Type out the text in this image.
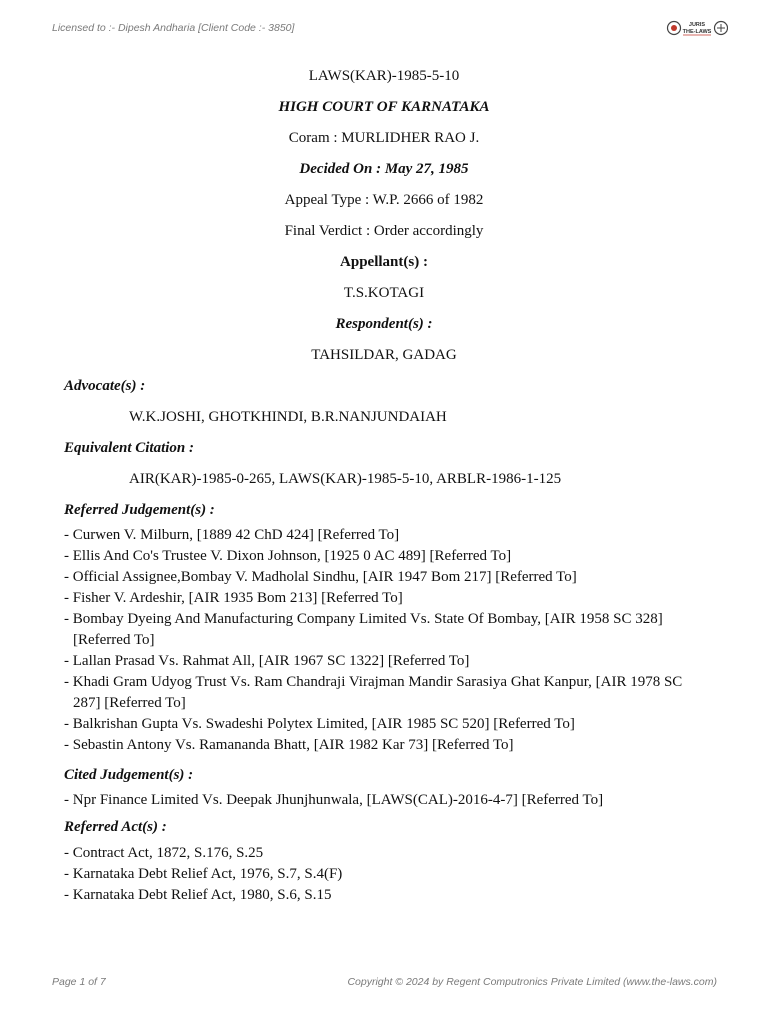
Licensed to :- Dipesh Andharia [Client Code :- 3850]	JURIS
THE-LAWS
LAWS(KAR)-1985-5-10
HIGH COURT OF KARNATAKA
Coram : MURLIDHER RAO J.
Decided On : May 27, 1985
Appeal Type : W.P. 2666 of 1982
Final Verdict : Order accordingly
Appellant(s) :
T.S.KOTAGI
Respondent(s) :
TAHSILDAR, GADAG
Advocate(s) :
W.K.JOSHI, GHOTKHINDI, B.R.NANJUNDAIAH
Equivalent Citation :
AIR(KAR)-1985-0-265, LAWS(KAR)-1985-5-10, ARBLR-1986-1-125
Referred Judgement(s) :
- Curwen V. Milburn, [1889 42 ChD 424] [Referred To]
- Ellis And Co's Trustee V. Dixon Johnson, [1925 0 AC 489] [Referred To]
- Official Assignee,Bombay V. Madholal Sindhu, [AIR 1947 Bom 217] [Referred To]
- Fisher V. Ardeshir, [AIR 1935 Bom 213] [Referred To]
- Bombay Dyeing And Manufacturing Company Limited Vs. State Of Bombay, [AIR 1958 SC 328] [Referred To]
- Lallan Prasad Vs. Rahmat All, [AIR 1967 SC 1322] [Referred To]
- Khadi Gram Udyog Trust Vs. Ram Chandraji Virajman Mandir Sarasiya Ghat Kanpur, [AIR 1978 SC 287] [Referred To]
- Balkrishan Gupta Vs. Swadeshi Polytex Limited, [AIR 1985 SC 520] [Referred To]
- Sebastin Antony Vs. Ramananda Bhatt, [AIR 1982 Kar 73] [Referred To]
Cited Judgement(s) :
- Npr Finance Limited Vs. Deepak Jhunjhunwala, [LAWS(CAL)-2016-4-7] [Referred To]
Referred Act(s) :
- Contract Act, 1872, S.176, S.25
- Karnataka Debt Relief Act, 1976, S.7, S.4(F)
- Karnataka Debt Relief Act, 1980, S.6, S.15
Page 1 of 7	Copyright © 2024 by Regent Computronics Private Limited (www.the-laws.com)
